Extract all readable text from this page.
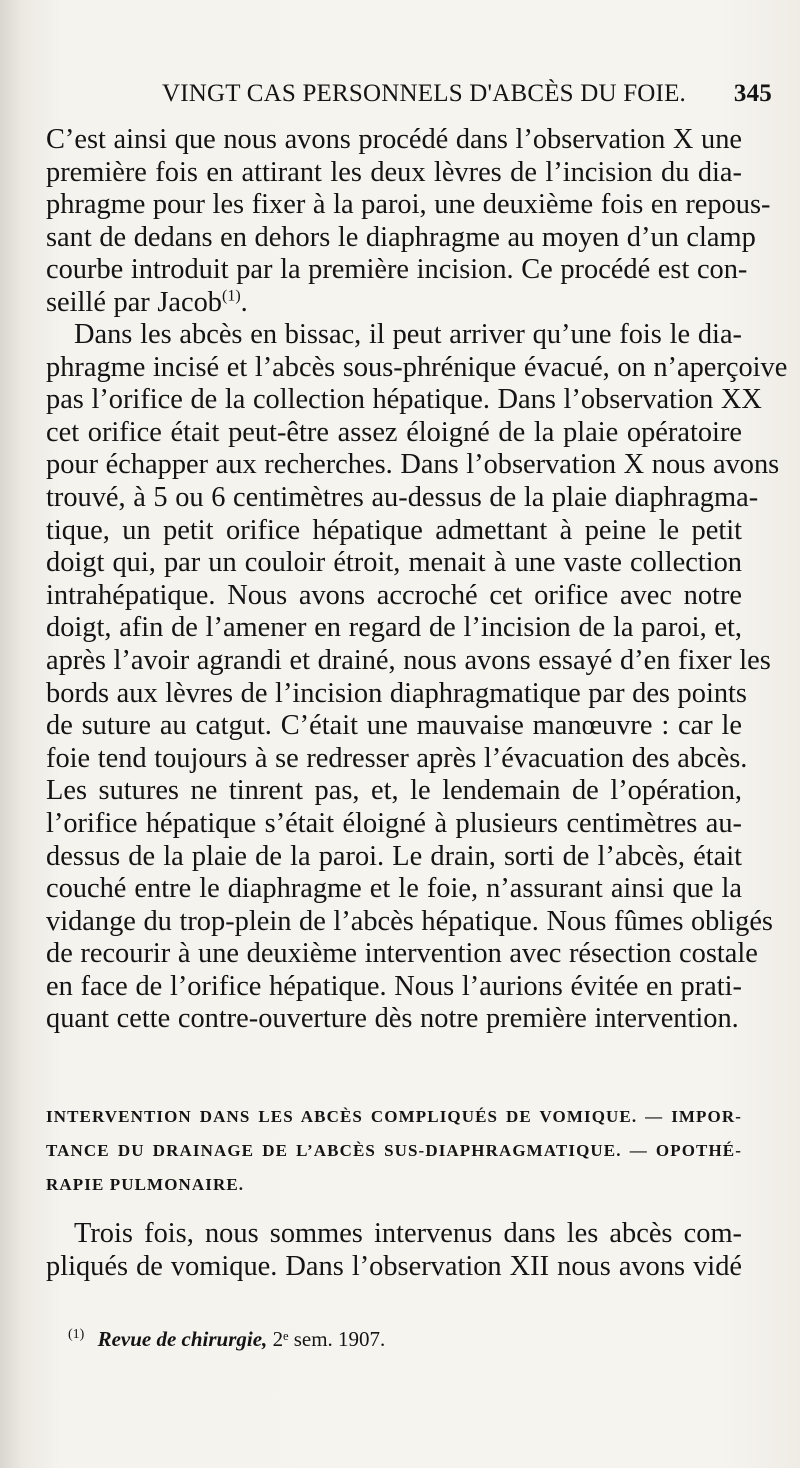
VINGT CAS PERSONNELS D'ABCÈS DU FOIE. 345

C’est ainsi que nous avons procédé dans l’observation X une
première fois en attirant les deux lèvres de l’incision du dia-
phragme pour les fixer à la paroi, une deuxième fois en repous-
sant de dedans en dehors le diaphragme au moyen d’un clamp
courbe introduit par la première incision. Ce procédé est con-
seillé par Jacob$^{(1)}$.

Dans les abcès en bissac, il peut arriver qu’une fois le dia-
phragme incisé et l’abcès sous-phrénique évacué, on n’aperçoive
pas l’orifice de la collection hépatique. Dans l’observation XX
cet orifice était peut-être assez éloigné de la plaie opératoire
pour échapper aux recherches. Dans l’observation X nous avons
trouvé, à 5 ou 6 centimètres au-dessus de la plaie diaphragma-
tique, un petit orifice hépatique admettant à peine le petit
doigt qui, par un couloir étroit, menait à une vaste collection
intrahépatique. Nous avons accroché cet orifice avec notre
doigt, afin de l’amener en regard de l’incision de la paroi, et,
après l’avoir agrandi et drainé, nous avons essayé d’en fixer les
bords aux lèvres de l’incision diaphragmatique par des points
de suture au catgut. C’était une mauvaise manœuvre : car le
foie tend toujours à se redresser après l’évacuation des abcès.
Les sutures ne tinrent pas, et, le lendemain de l’opération,
l’orifice hépatique s’était éloigné à plusieurs centimètres au-
dessus de la plaie de la paroi. Le drain, sorti de l’abcès, était
couché entre le diaphragme et le foie, n’assurant ainsi que la
vidange du trop-plein de l’abcès hépatique. Nous fûmes obligés
de recourir à une deuxième intervention avec résection costale
en face de l’orifice hépatique. Nous l’aurions évitée en prati-
quant cette contre-ouverture dès notre première intervention.

INTERVENTION DANS LES ABCÈS COMPLIQUÉS DE VOMIQUE. — IMPOR-
TANCE DU DRAINAGE DE L’ABCÈS SUS-DIAPHRAGMATIQUE. — OPOTHÉ-
RAPIE PULMONAIRE.

Trois fois, nous sommes intervenus dans les abcès com-
pliqués de vomique. Dans l’observation XII nous avons vidé

$^{(1)}$ Revue de chirurgie, 2ᵉ sem. 1907.
